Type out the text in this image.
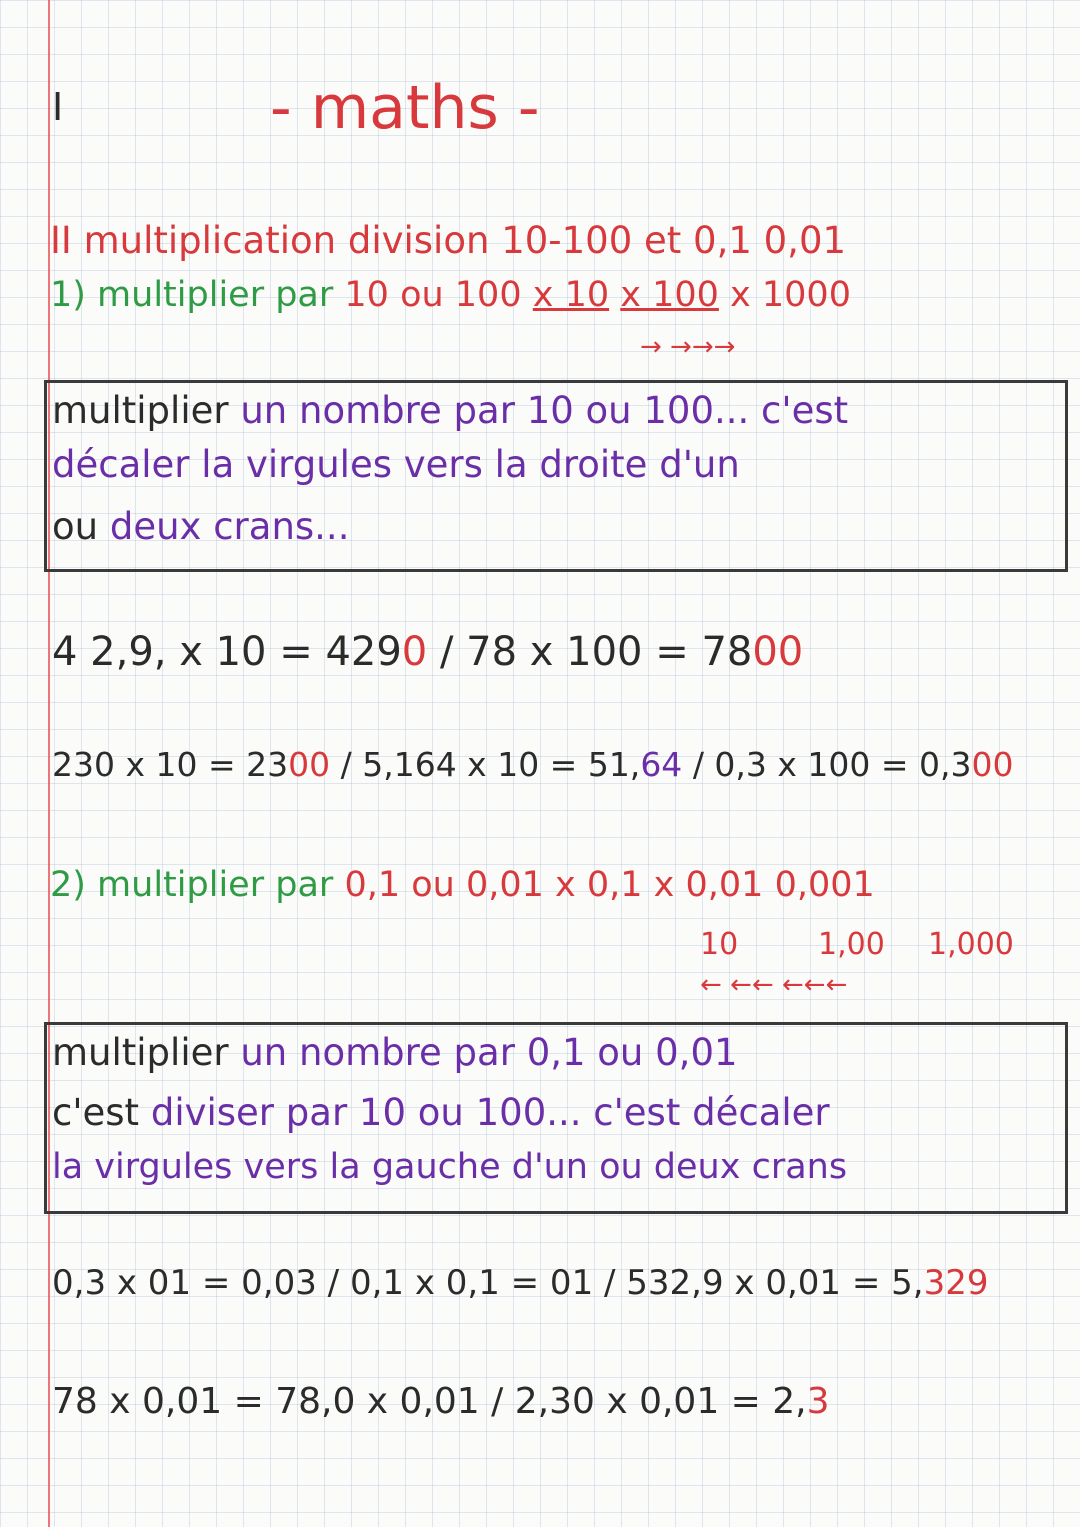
I	- maths -
II multiplication division 10-100 et 0,1 0,01
1) multiplier par 10 ou 100 x 10 x 100 x 1000
→ →→→
multiplier un nombre par 10 ou 100... c'est
décaler la virgules vers la droite d'un
ou deux crans...
4 2,9, x 10 = 4290 / 78 x 100 = 7800
230 x 10 = 2300 / 5,164 x 10 = 51,64 / 0,3 x 100 = 0,300
2) multiplier par 0,1 ou 0,01 x 0,1 x 0,01 0,001
10	1,00 1,000
← ←← ←←←
multiplier un nombre par 0,1 ou 0,01
c'est diviser par 10 ou 100... c'est décaler
la virgules vers la gauche d'un ou deux crans
0,3 x 01 = 0,03 / 0,1 x 0,1 = 01 / 532,9 x 0,01 = 5,329
78 x 0,01 = 78,0 x 0,01 / 2,30 x 0,01 = 2,3
